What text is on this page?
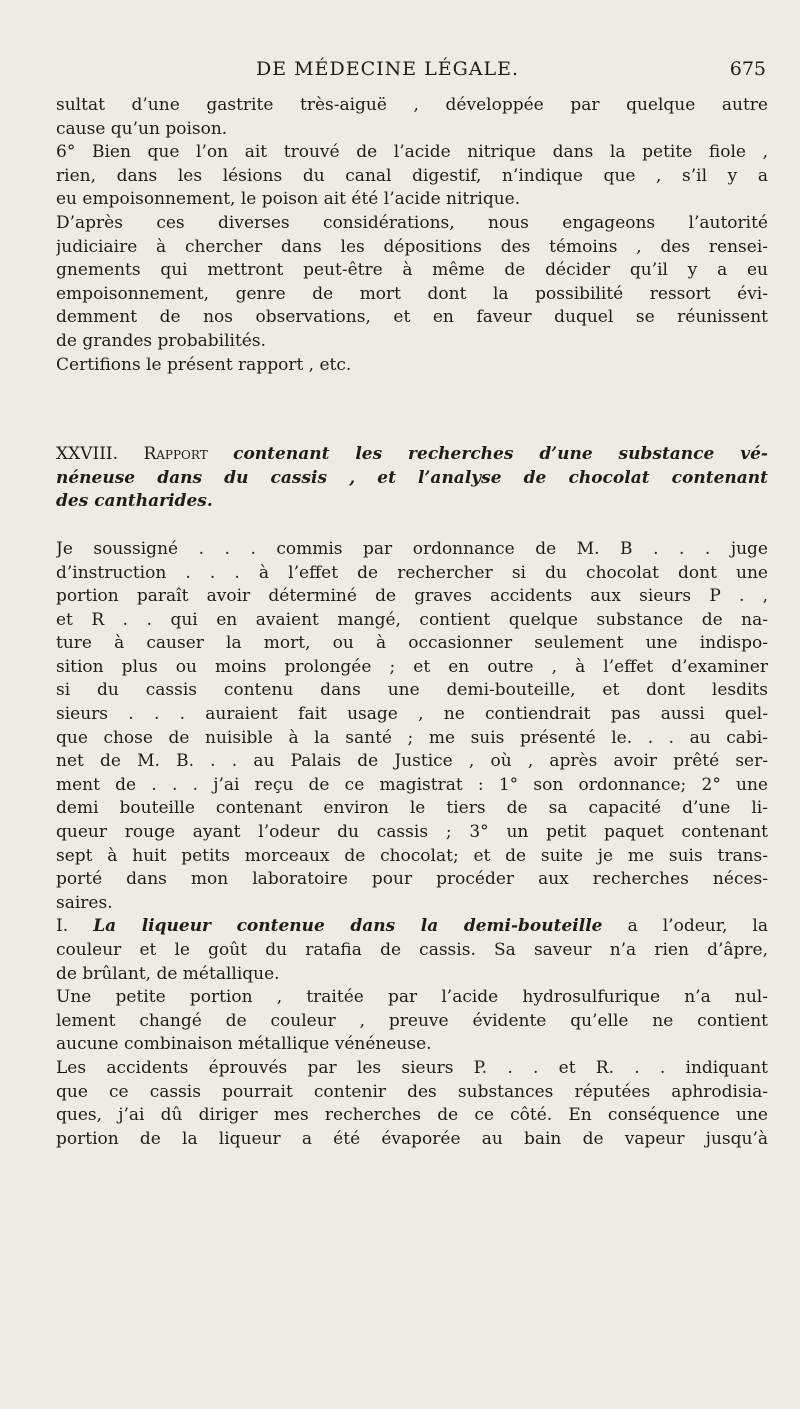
DE MÉDECINE LÉGALE.	675
sultat d’une gastrite très-aiguë , développée par quelque autre
cause qu’un poison.
6° Bien que l’on ait trouvé de l’acide nitrique dans la petite fiole ,
rien, dans les lésions du canal digestif, n’indique que , s’il y a
eu empoisonnement, le poison ait été l’acide nitrique.
D’après ces diverses considérations, nous engageons l’autorité
judiciaire à chercher dans les dépositions des témoins , des rensei-
gnements qui mettront peut-être à même de décider qu’il y a eu
empoisonnement, genre de mort dont la possibilité ressort évi-
demment de nos observations, et en faveur duquel se réunissent
de grandes probabilités.
Certifions le présent rapport , etc.
XXVIII. Rapport contenant les recherches d’une substance vé-
néneuse dans du cassis , et l’analyse de chocolat contenant
des cantharides.
Je soussigné . . . commis par ordonnance de M. B . . . juge
d’instruction . . . à l’effet de rechercher si du chocolat dont une
portion paraît avoir déterminé de graves accidents aux sieurs P . ,
et R . . qui en avaient mangé, contient quelque substance de na-
ture à causer la mort, ou à occasionner seulement une indispo-
sition plus ou moins prolongée ; et en outre , à l’effet d’examiner
si du cassis contenu dans une demi-bouteille, et dont lesdits
sieurs . . . auraient fait usage , ne contiendrait pas aussi quel-
que chose de nuisible à la santé ; me suis présenté le. . . au cabi-
net de M. B. . . au Palais de Justice , où , après avoir prêté ser-
ment de . . . j’ai reçu de ce magistrat : 1° son ordonnance; 2° une
demi bouteille contenant environ le tiers de sa capacité d’une li-
queur rouge ayant l’odeur du cassis ; 3° un petit paquet contenant
sept à huit petits morceaux de chocolat; et de suite je me suis trans-
porté dans mon laboratoire pour procéder aux recherches néces-
saires.
I. La liqueur contenue dans la demi-bouteille a l’odeur, la
couleur et le goût du ratafia de cassis. Sa saveur n’a rien d’âpre,
de brûlant, de métallique.
Une petite portion , traitée par l’acide hydrosulfurique n’a nul-
lement changé de couleur , preuve évidente qu’elle ne contient
aucune combinaison métallique vénéneuse.
Les accidents éprouvés par les sieurs P. . . et R. . . indiquant
que ce cassis pourrait contenir des substances réputées aphrodisia-
ques, j’ai dû diriger mes recherches de ce côté. En conséquence une
portion de la liqueur a été évaporée au bain de vapeur jusqu’à
